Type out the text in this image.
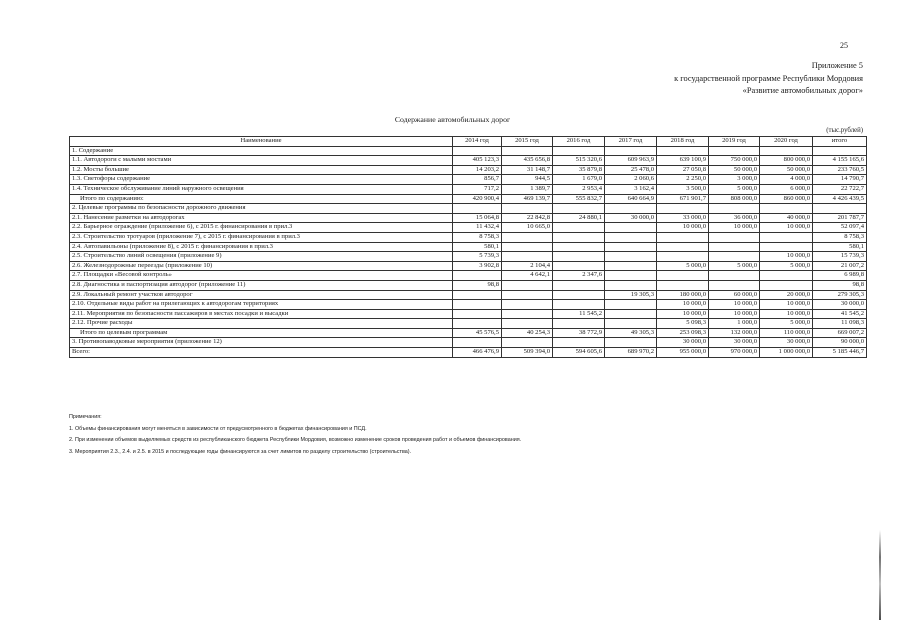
25
Приложение 5
к государственной программе Республики Мордовия
«Развитие автомобильных дорог»
Содержание автомобильных дорог
(тыс.рублей)
Наименование	2014 год	2015 год	2016 год	2017 год	2018 год	2019 год	2020 год	итого
1. Содержание								
1.1. Автодороги с малыми мостами	405 123,3	435 656,8	515 320,6	609 963,9	639 100,9	750 000,0	800 000,0	4 155 165,6
1.2. Мосты большие	14 203,2	31 148,7	35 879,8	25 478,0	27 050,8	50 000,0	50 000,0	233 760,5
1.3. Светофоры содержание	856,7	944,5	1 679,0	2 060,6	2 250,0	3 000,0	4 000,0	14 790,7
1.4. Техническое обслуживание линий наружного освещения	717,2	1 389,7	2 953,4	3 162,4	3 500,0	5 000,0	6 000,0	22 722,7
Итого по содержанию:	420 900,4	469 139,7	555 832,7	640 664,9	671 901,7	808 000,0	860 000,0	4 426 439,5
2. Целевые программы по безопасности дорожного движения								
2.1. Нанесение разметки на автодорогах	15 064,8	22 842,8	24 880,1	30 000,0	33 000,0	36 000,0	40 000,0	201 787,7
2.2. Барьерное ограждение (приложение 6), с 2015 г. финансирования в прил.3	11 432,4	10 665,0			10 000,0	10 000,0	10 000,0	52 097,4
2.3. Строительство тротуаров (приложение 7), с 2015 г. финансирования в прил.3	8 758,3							8 758,3
2.4. Автопавильоны (приложение 8), с 2015 г. финансирования в прил.3	580,1							580,1
2.5. Строительство линий освещения (приложение 9)	5 739,3						10 000,0	15 739,3
2.6. Железнодорожные переезды (приложение 10)	3 902,8	2 104,4			5 000,0	5 000,0	5 000,0	21 007,2
2.7. Площадки «Весовой контроль»		4 642,1	2 347,6					6 989,8
2.8. Диагностика и паспортизация автодорог (приложение 11)	98,8							98,8
2.9. Локальный ремонт участков автодорог				19 305,3	180 000,0	60 000,0	20 000,0	279 305,3
2.10. Отдельные виды работ на прилегающих к автодорогам территориях					10 000,0	10 000,0	10 000,0	30 000,0
2.11. Мероприятия по безопасности пассажиров в местах посадки и высадки			11 545,2		10 000,0	10 000,0	10 000,0	41 545,2
2.12. Прочие расходы					5 098,3	1 000,0	5 000,0	11 098,3
Итого по целевым программам	45 576,5	40 254,3	38 772,9	49 305,3	253 098,3	132 000,0	110 000,0	669 007,2
3. Противопаводковые мероприятия (приложение 12)					30 000,0	30 000,0	30 000,0	90 000,0
Всего:	466 476,9	509 394,0	594 605,6	689 970,2	955 000,0	970 000,0	1 000 000,0	5 185 446,7
Примечания:
1. Объемы финансирования могут меняться в зависимости от предусмотренного в бюджетах финансирования и ПСД.
2. При изменении объемов выделяемых средств из республиканского бюджета Республики Мордовия, возможно изменение сроков проведения работ и объемов финансирования.
3. Мероприятия 2.3., 2.4. и 2.5. в 2015 и последующие годы финансируются за счет лимитов по разделу строительство (строительства).
